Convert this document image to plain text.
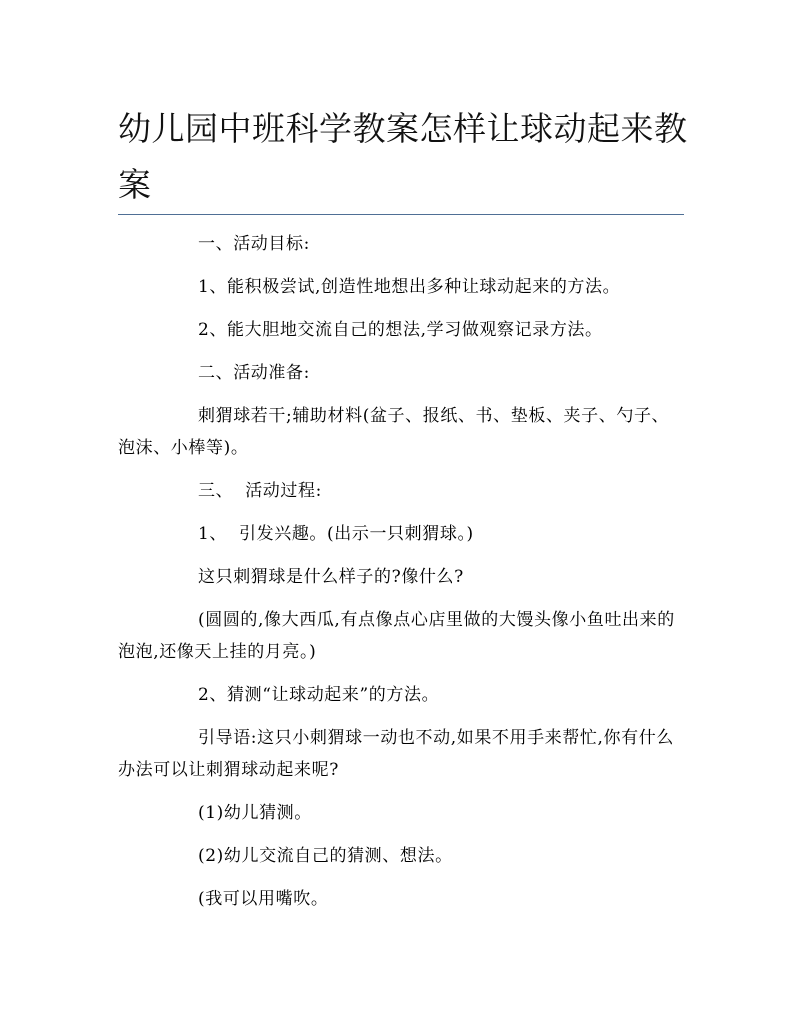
幼儿园中班科学教案怎样让球动起来教案

一、活动目标:

1、能积极尝试,创造性地想出多种让球动起来的方法。

2、能大胆地交流自己的想法,学习做观察记录方法。

二、活动准备:

刺猬球若干;辅助材料(盆子、报纸、书、垫板、夹子、勺子、泡沫、小棒等)。

三、  活动过程:

1、  引发兴趣。(出示一只刺猬球。)

这只刺猬球是什么样子的?像什么?

(圆圆的,像大西瓜,有点像点心店里做的大馒头像小鱼吐出来的泡泡,还像天上挂的月亮。)

2、猜测“让球动起来”的方法。

引导语:这只小刺猬球一动也不动,如果不用手来帮忙,你有什么办法可以让刺猬球动起来呢?

(1)幼儿猜测。

(2)幼儿交流自己的猜测、想法。

(我可以用嘴吹。
